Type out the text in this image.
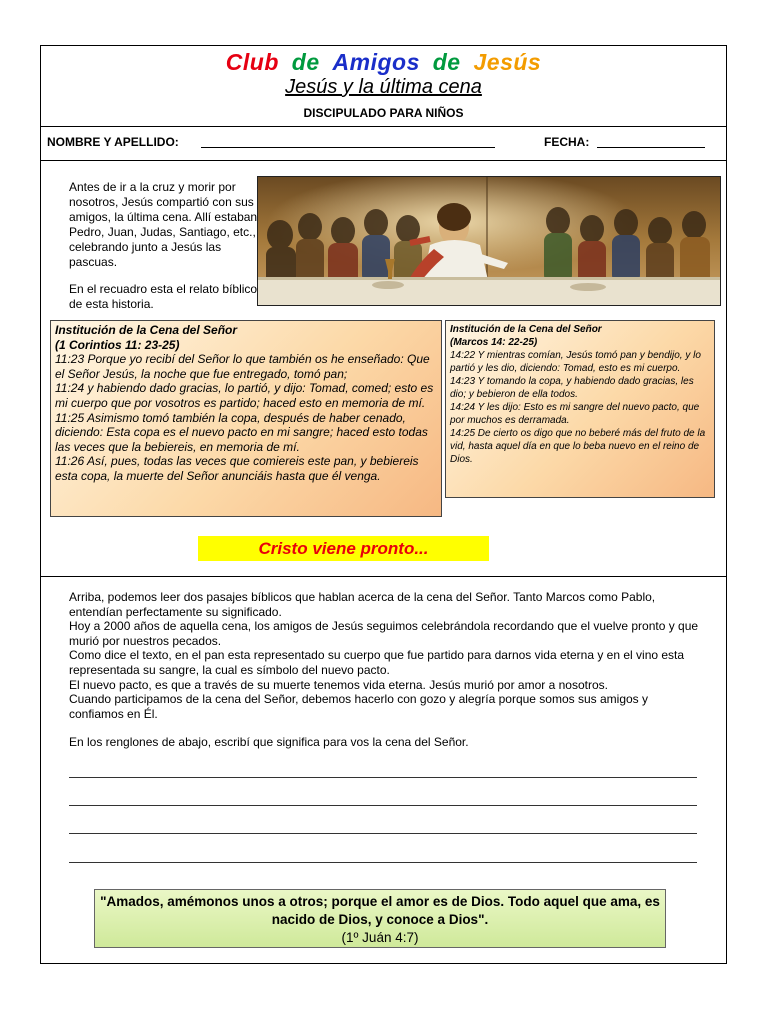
Club de Amigos de Jesús
Jesús y la última cena
DISCIPULADO PARA NIÑOS
NOMBRE Y APELLIDO:	FECHA:

Antes de ir a la cruz y morir por nosotros, Jesús compartió con sus amigos, la última cena. Allí estaban Pedro, Juan, Judas, Santiago, etc., celebrando junto a Jesús las pascuas.

En el recuadro esta el relato bíblico de esta historia.

Institución de la Cena del Señor
(1 Corintios 11: 23-25)
11:23 Porque yo recibí del Señor lo que también os he enseñado: Que el Señor Jesús, la noche que fue entregado, tomó pan;
11:24 y habiendo dado gracias, lo partió, y dijo: Tomad, comed; esto es mi cuerpo que por vosotros es partido; haced esto en memoria de mí.
11:25 Asimismo tomó también la copa, después de haber cenado, diciendo: Esta copa es el nuevo pacto en mi sangre; haced esto todas las veces que la bebiereis, en memoria de mí.
11:26 Así, pues, todas las veces que comiereis este pan, y bebiereis esta copa, la muerte del Señor anunciáis hasta que él venga.
Institución de la Cena del Señor
(Marcos 14: 22-25)
14:22 Y mientras comían, Jesús tomó pan y bendijo, y lo partió y les dio, diciendo: Tomad, esto es mi cuerpo.
14:23 Y tomando la copa, y habiendo dado gracias, les dio; y bebieron de ella todos.
14:24 Y les dijo: Esto es mi sangre del nuevo pacto, que por muchos es derramada.
14:25 De cierto os digo que no beberé más del fruto de la vid, hasta aquel día en que lo beba nuevo en el reino de Dios.
Cristo viene pronto...

Arriba, podemos leer dos pasajes bíblicos que hablan acerca de la cena del Señor. Tanto Marcos como Pablo, entendían perfectamente su significado.

Hoy a 2000 años de aquella cena, los amigos de Jesús seguimos celebrándola recordando que el vuelve pronto y que murió por nuestros pecados.

Como dice el texto, en el pan esta representado su cuerpo que fue partido para darnos vida eterna y en el vino esta representada su sangre, la cual es símbolo del nuevo pacto.

El nuevo pacto, es que a través de su muerte tenemos vida eterna. Jesús murió por amor a nosotros.

Cuando participamos de la cena del Señor, debemos hacerlo con gozo y alegría porque somos sus amigos y confiamos en Él.

En los renglones de abajo, escribí que significa para vos la cena del Señor.

"Amados, amémonos unos a otros; porque el amor es de Dios. Todo aquel que ama, es nacido de Dios, y conoce a Dios".
(1º Juán 4:7)
